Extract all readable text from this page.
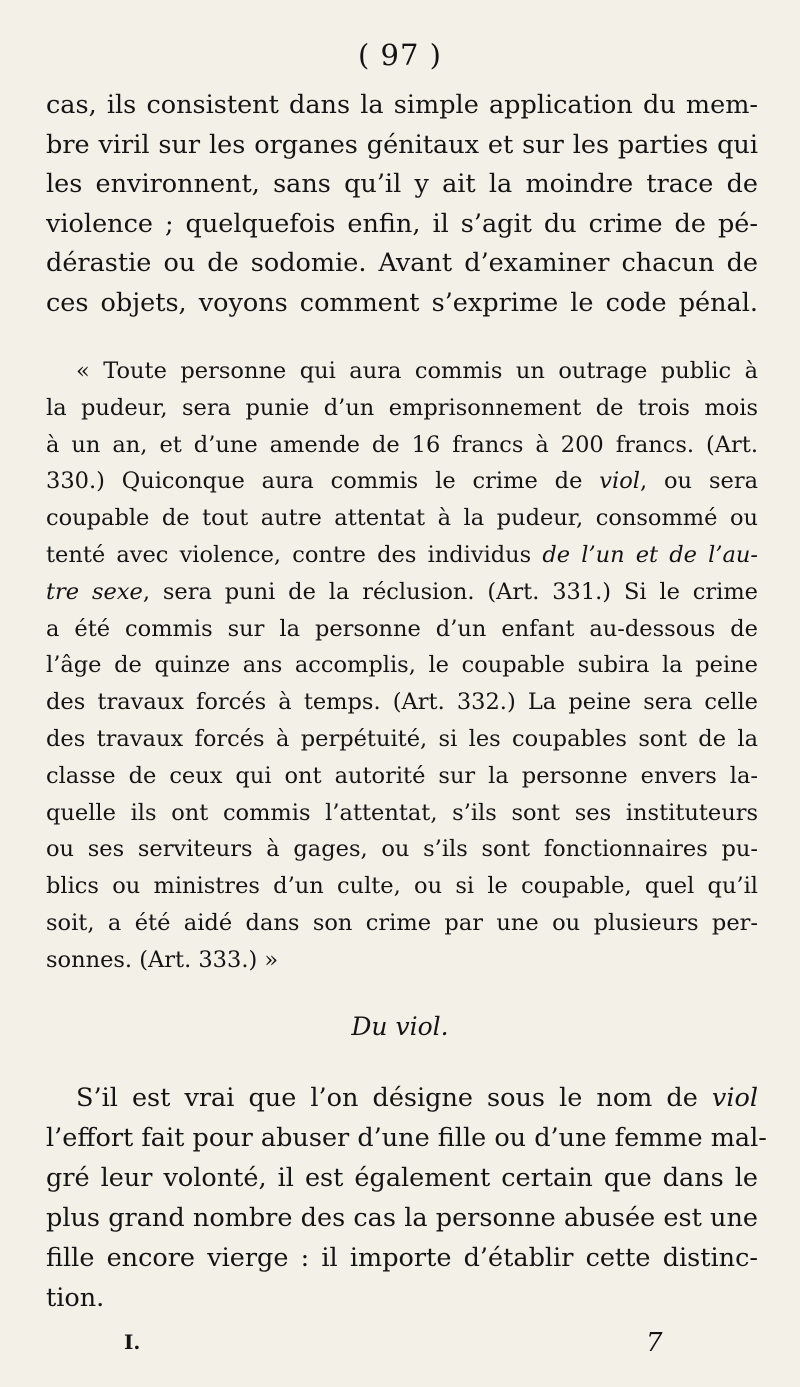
( 97 )
cas, ils consistent dans la simple application du mem-
bre viril sur les organes génitaux et sur les parties qui
les environnent, sans qu’il y ait la moindre trace de
violence ; quelquefois enfin, il s’agit du crime de pé-
dérastie ou de sodomie. Avant d’examiner chacun de
ces objets, voyons comment s’exprime le code pénal.
« Toute personne qui aura commis un outrage public à
la pudeur, sera punie d’un emprisonnement de trois mois
à un an, et d’une amende de 16 francs à 200 francs. (Art.
330.) Quiconque aura commis le crime de viol, ou sera
coupable de tout autre attentat à la pudeur, consommé ou
tenté avec violence, contre des individus de l’un et de l’au-
tre sexe, sera puni de la réclusion. (Art. 331.) Si le crime
a été commis sur la personne d’un enfant au-dessous de
l’âge de quinze ans accomplis, le coupable subira la peine
des travaux forcés à temps. (Art. 332.) La peine sera celle
des travaux forcés à perpétuité, si les coupables sont de la
classe de ceux qui ont autorité sur la personne envers la-
quelle ils ont commis l’attentat, s’ils sont ses instituteurs
ou ses serviteurs à gages, ou s’ils sont fonctionnaires pu-
blics ou ministres d’un culte, ou si le coupable, quel qu’il
soit, a été aidé dans son crime par une ou plusieurs per-
sonnes. (Art. 333.) »
Du viol.
S’il est vrai que l’on désigne sous le nom de viol
l’effort fait pour abuser d’une fille ou d’une femme mal-
gré leur volonté, il est également certain que dans le
plus grand nombre des cas la personne abusée est une
fille encore vierge : il importe d’établir cette distinc-
tion.
I.	7
